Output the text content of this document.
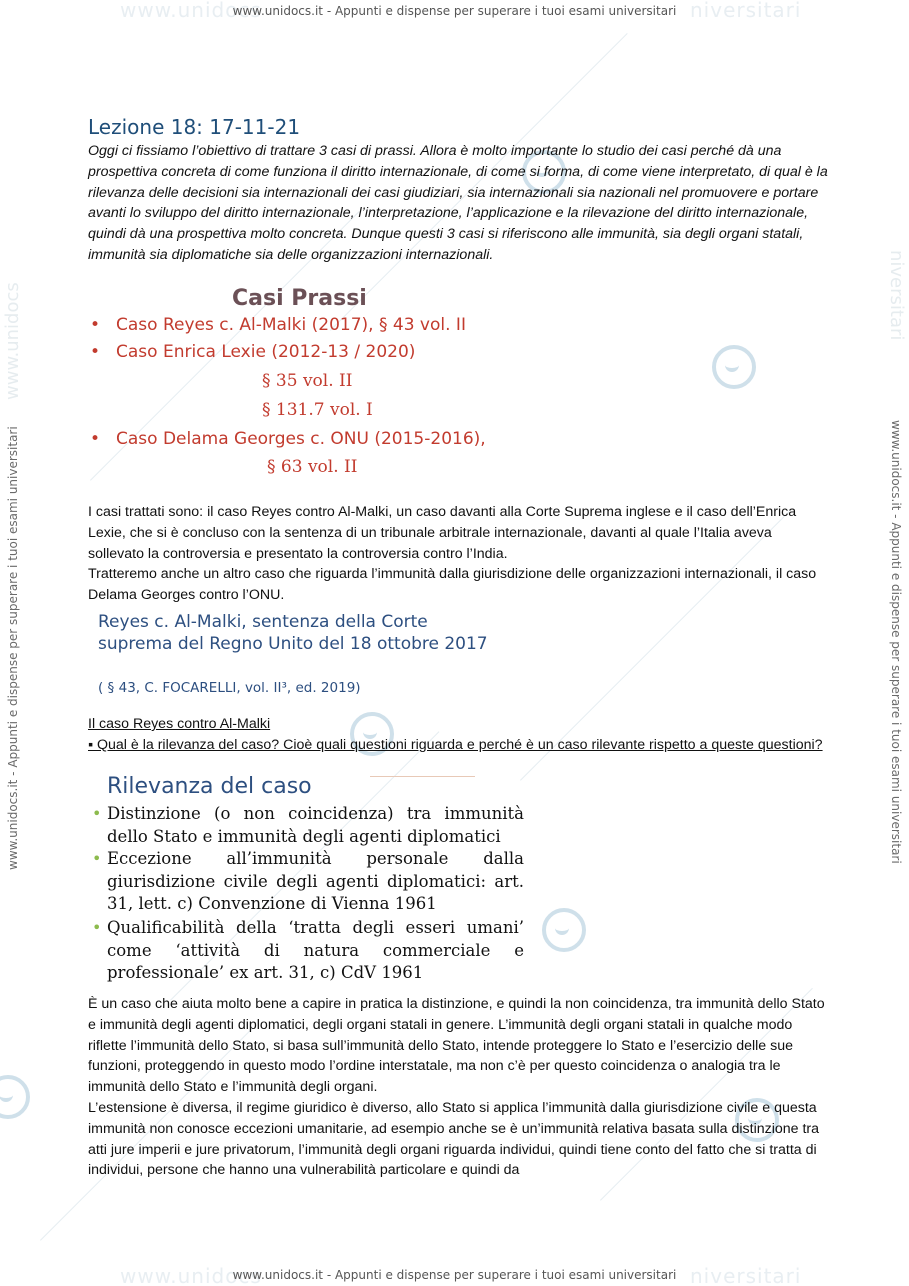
www.unidocs	niversitari
www.unidocs	niversitari
www.unidocs.it - Appunti e dispense per superare i tuoi esami universitari
www.unidocs.it - Appunti e dispense per superare i tuoi esami universitari
www.unidocs	niversitari
www.unidocs.it - Appunti e dispense per superare i tuoi esami universitari	www.unidocs.it - Appunti e dispense per superare i tuoi esami universitari
Lezione 18: 17-11-21
Oggi ci fissiamo l’obiettivo di trattare 3 casi di prassi. Allora è molto importante lo studio dei casi perché dà una prospettiva concreta di come funziona il diritto internazionale, di come si forma, di come viene interpretato, di qual è la rilevanza delle decisioni sia internazionali dei casi giudiziari, sia internazionali sia nazionali nel promuovere e portare avanti lo sviluppo del diritto internazionale, l’interpretazione, l’applicazione e la rilevazione del diritto internazionale, quindi dà una prospettiva molto concreta. Dunque questi 3 casi si riferiscono alle immunità, sia degli organi statali, immunità sia diplomatiche sia delle organizzazioni internazionali.
Casi Prassi
• Caso Reyes c. Al-Malki (2017), § 43 vol. II
• Caso Enrica Lexie (2012-13 / 2020)
§ 35 vol. II
§ 131.7 vol. I
• Caso Delama Georges c. ONU (2015-2016),
§ 63 vol. II
I casi trattati sono: il caso Reyes contro Al-Malki, un caso davanti alla Corte Suprema inglese e il caso dell’Enrica Lexie, che si è concluso con la sentenza di un tribunale arbitrale internazionale, davanti al quale l’Italia aveva sollevato la controversia e presentato la controversia contro l’India.
Tratteremo anche un altro caso che riguarda l’immunità dalla giurisdizione delle organizzazioni internazionali, il caso Delama Georges contro l’ONU.
Reyes c. Al-Malki, sentenza della Corte
suprema del Regno Unito del 18 ottobre 2017
( § 43, C. FOCARELLI, vol. II³, ed. 2019)
Il caso Reyes contro Al-Malki
▪ Qual è la rilevanza del caso? Cioè quali questioni riguarda e perché è un caso rilevante rispetto a queste questioni?
Rilevanza del caso
• Distinzione (o non coincidenza) tra immunità dello Stato e immunità degli agenti diplomatici
• Eccezione all’immunità personale dalla giurisdizione civile degli agenti diplomatici: art. 31, lett. c) Convenzione di Vienna 1961
• Qualificabilità della ‘tratta degli esseri umani’ come ‘attività di natura commerciale e professionale’ ex art. 31, c) CdV 1961
È un caso che aiuta molto bene a capire in pratica la distinzione, e quindi la non coincidenza, tra immunità dello Stato e immunità degli agenti diplomatici, degli organi statali in genere. L’immunità degli organi statali in qualche modo riflette l’immunità dello Stato, si basa sull’immunità dello Stato, intende proteggere lo Stato e l’esercizio delle sue funzioni, proteggendo in questo modo l’ordine interstatale, ma non c’è per questo coincidenza o analogia tra le immunità dello Stato e l’immunità degli organi.
L’estensione è diversa, il regime giuridico è diverso, allo Stato si applica l’immunità dalla giurisdizione civile e questa immunità non conosce eccezioni umanitarie, ad esempio anche se è un’immunità relativa basata sulla distinzione tra atti jure imperii e jure privatorum, l’immunità degli organi riguarda individui, quindi tiene conto del fatto che si tratta di individui, persone che hanno una vulnerabilità particolare e quindi da
